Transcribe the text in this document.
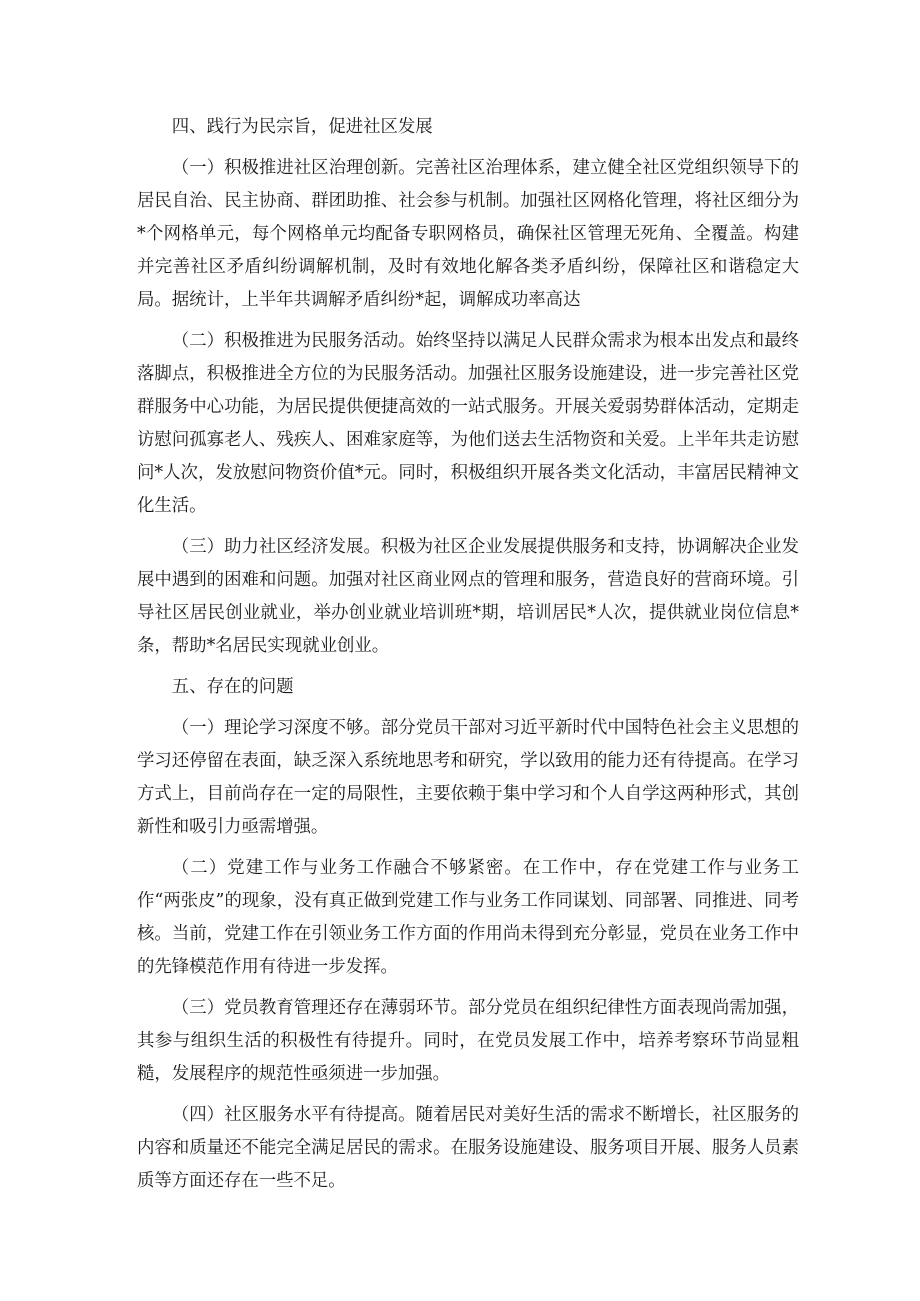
四、践行为民宗旨，促进社区发展

（一）积极推进社区治理创新。完善社区治理体系，建立健全社区党组织领导下的居民自治、民主协商、群团助推、社会参与机制。加强社区网格化管理，将社区细分为*个网格单元，每个网格单元均配备专职网格员，确保社区管理无死角、全覆盖。构建并完善社区矛盾纠纷调解机制，及时有效地化解各类矛盾纠纷，保障社区和谐稳定大局。据统计，上半年共调解矛盾纠纷*起，调解成功率高达

（二）积极推进为民服务活动。始终坚持以满足人民群众需求为根本出发点和最终落脚点，积极推进全方位的为民服务活动。加强社区服务设施建设，进一步完善社区党群服务中心功能，为居民提供便捷高效的一站式服务。开展关爱弱势群体活动，定期走访慰问孤寡老人、残疾人、困难家庭等，为他们送去生活物资和关爱。上半年共走访慰问*人次，发放慰问物资价值*元。同时，积极组织开展各类文化活动，丰富居民精神文化生活。

（三）助力社区经济发展。积极为社区企业发展提供服务和支持，协调解决企业发展中遇到的困难和问题。加强对社区商业网点的管理和服务，营造良好的营商环境。引导社区居民创业就业，举办创业就业培训班*期，培训居民*人次，提供就业岗位信息*条，帮助*名居民实现就业创业。

五、存在的问题

（一）理论学习深度不够。部分党员干部对习近平新时代中国特色社会主义思想的学习还停留在表面，缺乏深入系统地思考和研究，学以致用的能力还有待提高。在学习方式上，目前尚存在一定的局限性，主要依赖于集中学习和个人自学这两种形式，其创新性和吸引力亟需增强。

（二）党建工作与业务工作融合不够紧密。在工作中，存在党建工作与业务工作“两张皮”的现象，没有真正做到党建工作与业务工作同谋划、同部署、同推进、同考核。当前，党建工作在引领业务工作方面的作用尚未得到充分彰显，党员在业务工作中的先锋模范作用有待进一步发挥。

（三）党员教育管理还存在薄弱环节。部分党员在组织纪律性方面表现尚需加强，其参与组织生活的积极性有待提升。同时，在党员发展工作中，培养考察环节尚显粗糙，发展程序的规范性亟须进一步加强。

（四）社区服务水平有待提高。随着居民对美好生活的需求不断增长，社区服务的内容和质量还不能完全满足居民的需求。在服务设施建设、服务项目开展、服务人员素质等方面还存在一些不足。
